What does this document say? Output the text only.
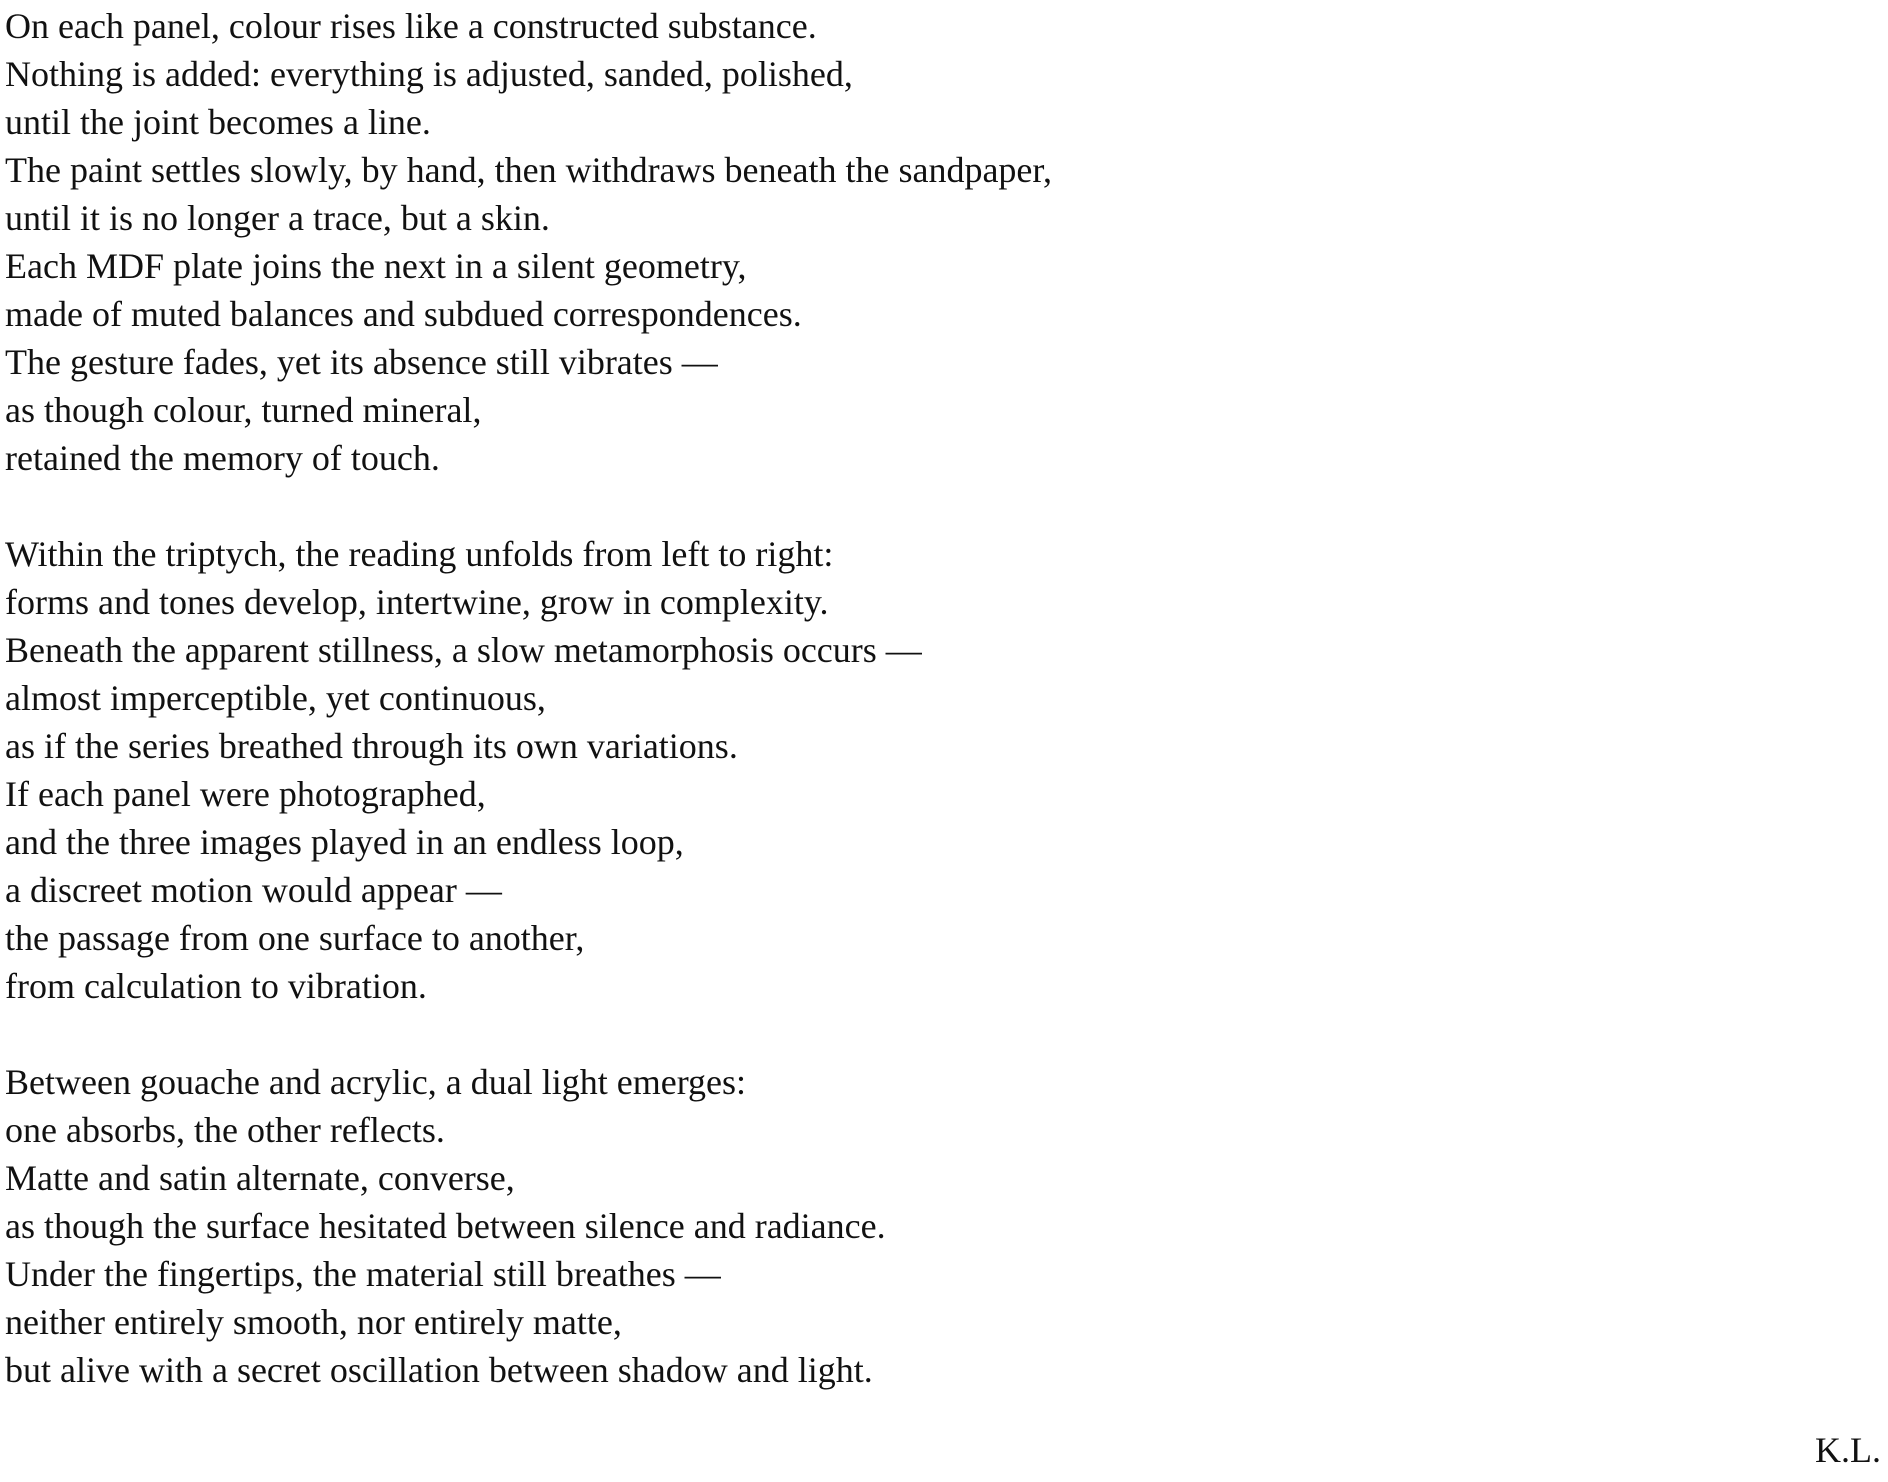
On each panel, colour rises like a constructed substance.
Nothing is added: everything is adjusted, sanded, polished,
until the joint becomes a line.
The paint settles slowly, by hand, then withdraws beneath the sandpaper,
until it is no longer a trace, but a skin.
Each MDF plate joins the next in a silent geometry,
made of muted balances and subdued correspondences.
The gesture fades, yet its absence still vibrates —
as though colour, turned mineral,
retained the memory of touch.
Within the triptych, the reading unfolds from left to right:
forms and tones develop, intertwine, grow in complexity.
Beneath the apparent stillness, a slow metamorphosis occurs —
almost imperceptible, yet continuous,
as if the series breathed through its own variations.
If each panel were photographed,
and the three images played in an endless loop,
a discreet motion would appear —
the passage from one surface to another,
from calculation to vibration.
Between gouache and acrylic, a dual light emerges:
one absorbs, the other reflects.
Matte and satin alternate, converse,
as though the surface hesitated between silence and radiance.
Under the fingertips, the material still breathes —
neither entirely smooth, nor entirely matte,
but alive with a secret oscillation between shadow and light.
K.L.
